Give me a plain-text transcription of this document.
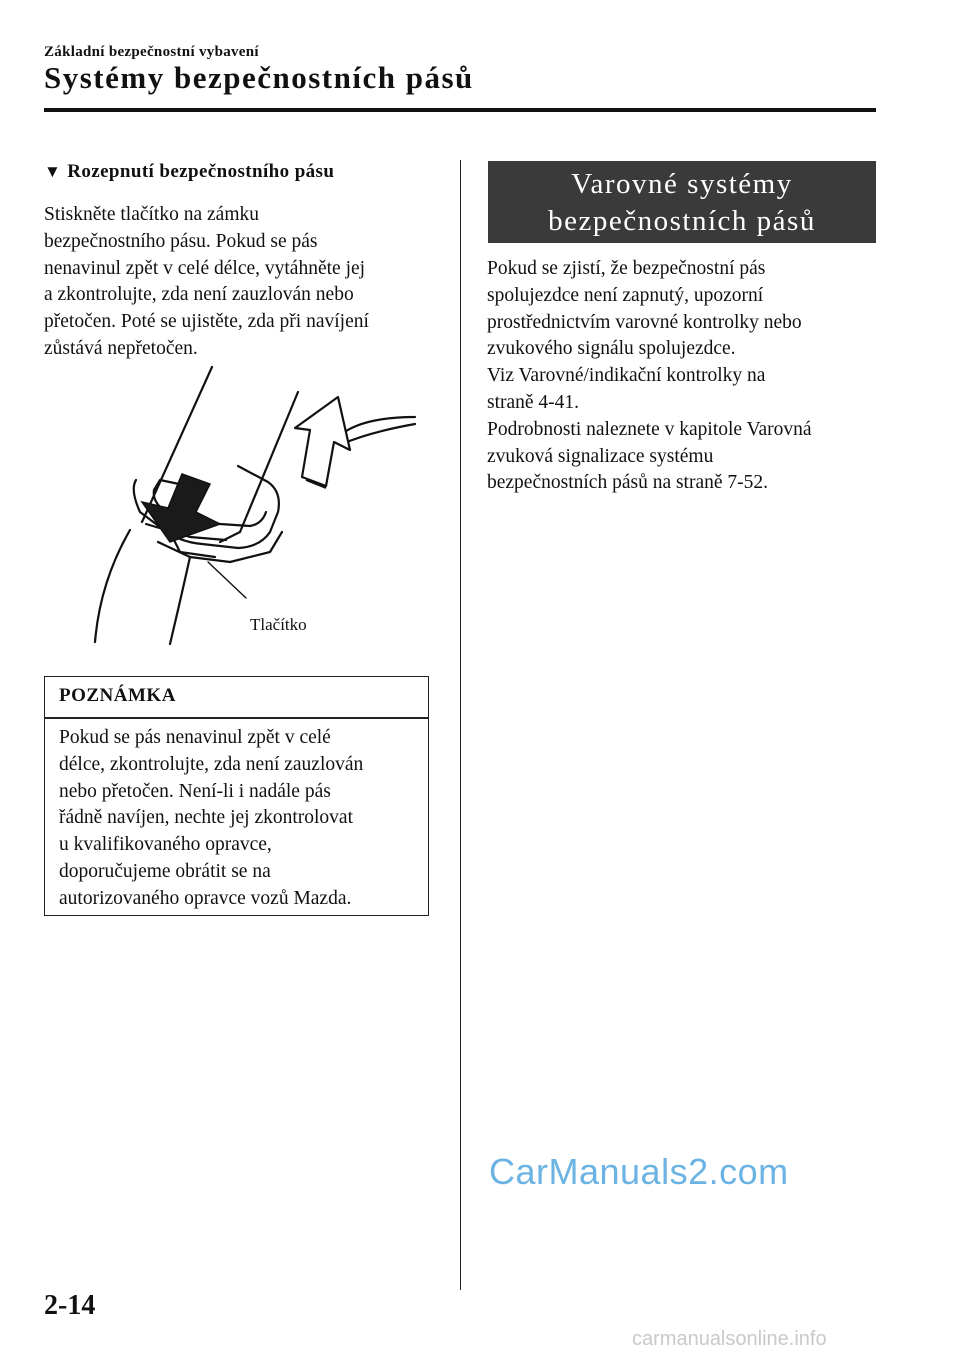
Základní bezpečnostní vybavení
Systémy bezpečnostních pásů
▼ Rozepnutí bezpečnostního pásu
Stiskněte tlačítko na zámku
bezpečnostního pásu. Pokud se pás
nenavinul zpět v celé délce, vytáhněte jej
a zkontrolujte, zda není zauzlován nebo
přetočen. Poté se ujistěte, zda při navíjení
zůstává nepřetočen.
Tlačítko
POZNÁMKA
Pokud se pás nenavinul zpět v celé
délce, zkontrolujte, zda není zauzlován
nebo přetočen. Není-li i nadále pás
řádně navíjen, nechte jej zkontrolovat
u kvalifikovaného opravce,
doporučujeme obrátit se na
autorizovaného opravce vozů Mazda.
Varovné systémy
bezpečnostních pásů
Pokud se zjistí, že bezpečnostní pás
spolujezdce není zapnutý, upozorní
prostřednictvím varovné kontrolky nebo
zvukového signálu spolujezdce.
Viz Varovné/indikační kontrolky na
straně 4-41.
Podrobnosti naleznete v kapitole Varovná
zvuková signalizace systému
bezpečnostních pásů na straně 7-52.
CarManuals2.com
2-14
carmanualsonline.info
